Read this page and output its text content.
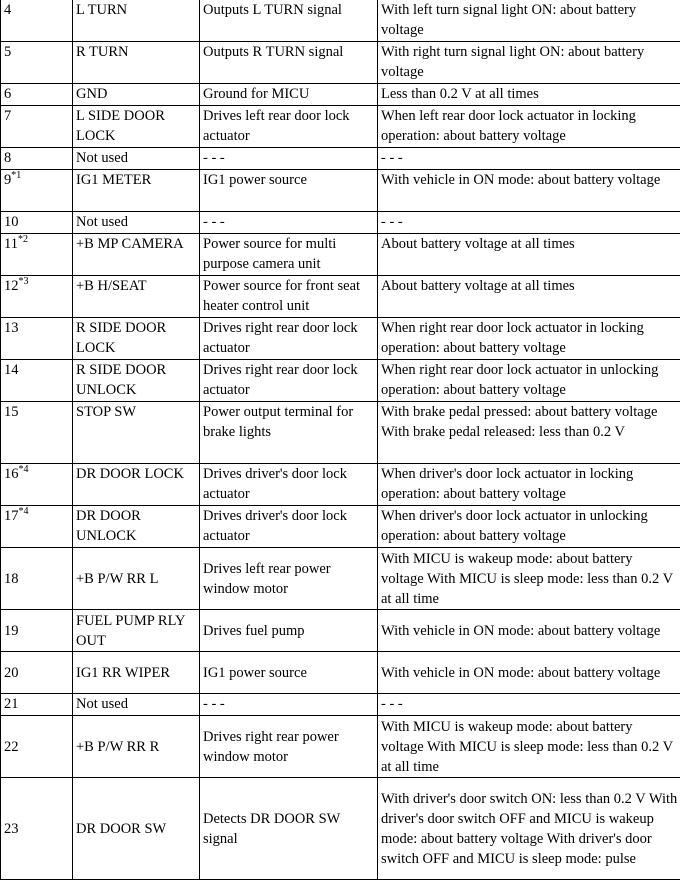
4	L TURN	Outputs L TURN signal	With left turn signal light ON: about battery voltage
5	R TURN	Outputs R TURN signal	With right turn signal light ON: about battery voltage
6	GND	Ground for MICU	Less than 0.2 V at all times
7	L SIDE DOOR LOCK	Drives left rear door lock actuator	When left rear door lock actuator in locking operation: about battery voltage
8	Not used	- - -	- - -
9$^{*1}$	IG1 METER	IG1 power source	With vehicle in ON mode: about battery voltage
10	Not used	- - -	- - -
$11^{*2}$	+B MP CAMERA	Power source for multi purpose camera unit	About battery voltage at all times
$12^{*3}$	+B H/SEAT	Power source for front seat heater control unit	About battery voltage at all times
13	R SIDE DOOR LOCK	Drives right rear door lock actuator	When right rear door lock actuator in locking operation: about battery voltage
14	R SIDE DOOR UNLOCK	Drives right rear door lock actuator	When right rear door lock actuator in unlocking operation: about battery voltage
15	STOP SW	Power output terminal for brake lights	With brake pedal pressed: about battery voltage With brake pedal released: less than 0.2 V
16$^{*4}$	DR DOOR LOCK	Drives driver's door lock actuator	When driver's door lock actuator in locking operation: about battery voltage
17$^{*4}$	DR DOOR UNLOCK	Drives driver's door lock actuator	When driver's door lock actuator in unlocking operation: about battery voltage
18	+B P/W RR L	Drives left rear power window motor	With MICU is wakeup mode: about battery voltage With MICU is sleep mode: less than 0.2 V at all time
19	FUEL PUMP RLY OUT	Drives fuel pump	With vehicle in ON mode: about battery voltage
20	IG1 RR WIPER	IG1 power source	With vehicle in ON mode: about battery voltage
21	Not used	- - -	- - -
22	+B P/W RR R	Drives right rear power window motor	With MICU is wakeup mode: about battery voltage With MICU is sleep mode: less than 0.2 V at all time
23	DR DOOR SW	Detects DR DOOR SW signal	With driver's door switch ON: less than 0.2 V With driver's door switch OFF and MICU is wakeup mode: about battery voltage With driver's door switch OFF and MICU is sleep mode: pulse
